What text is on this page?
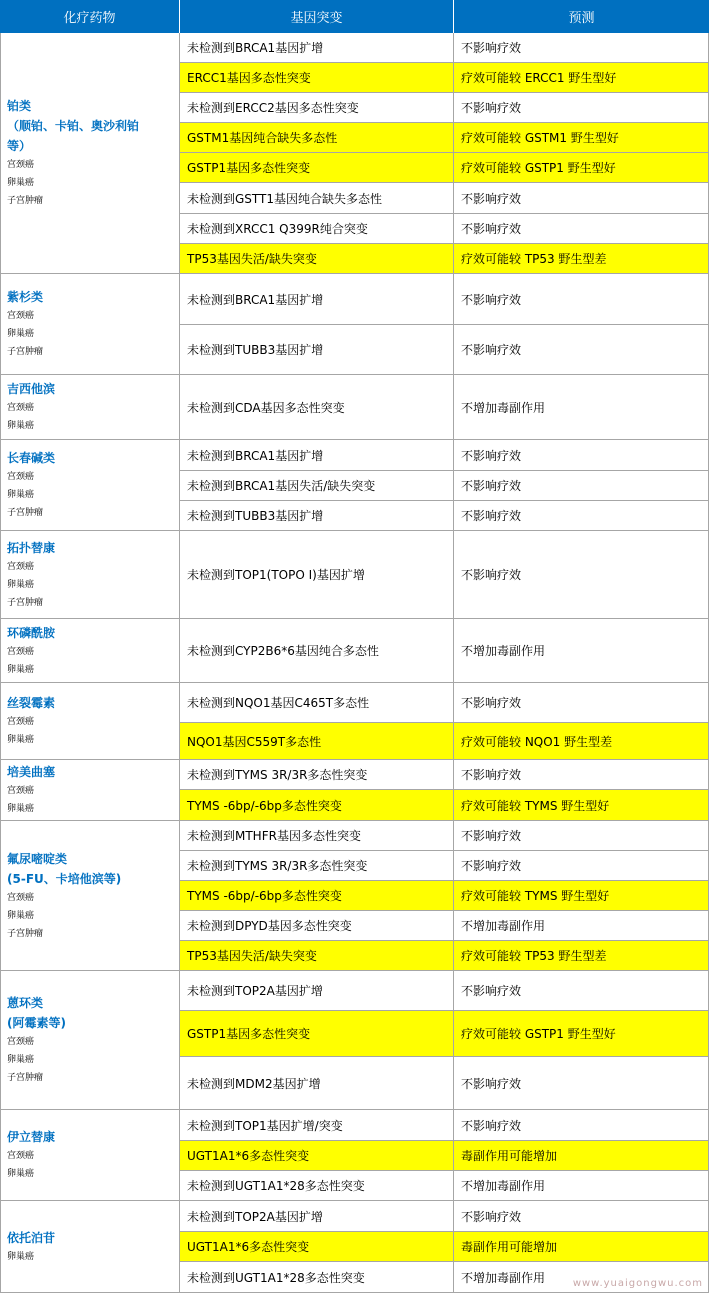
化疗药物	基因突变	预测
铂类
（顺铂、卡铂、奥沙利铂
等）
宫颈癌
卵巢癌
子宫肿瘤
未检测到BRCA1基因扩增	不影响疗效
ERCC1基因多态性突变	疗效可能较 ERCC1 野生型好
未检测到ERCC2基因多态性突变	不影响疗效
GSTM1基因纯合缺失多态性	疗效可能较 GSTM1 野生型好
GSTP1基因多态性突变	疗效可能较 GSTP1 野生型好
未检测到GSTT1基因纯合缺失多态性	不影响疗效
未检测到XRCC1 Q399R纯合突变	不影响疗效
TP53基因失活/缺失突变	疗效可能较 TP53 野生型差
紫杉类
宫颈癌
卵巢癌
子宫肿瘤
未检测到BRCA1基因扩增	不影响疗效
未检测到TUBB3基因扩增	不影响疗效
吉西他滨
宫颈癌
卵巢癌
未检测到CDA基因多态性突变	不增加毒副作用
长春碱类
宫颈癌
卵巢癌
子宫肿瘤
未检测到BRCA1基因扩增	不影响疗效
未检测到BRCA1基因失活/缺失突变	不影响疗效
未检测到TUBB3基因扩增	不影响疗效
拓扑替康
宫颈癌
卵巢癌
子宫肿瘤
未检测到TOP1(TOPO I)基因扩增	不影响疗效
环磷酰胺
宫颈癌
卵巢癌
未检测到CYP2B6*6基因纯合多态性	不增加毒副作用
丝裂霉素
宫颈癌
卵巢癌
未检测到NQO1基因C465T多态性	不影响疗效
NQO1基因C559T多态性	疗效可能较 NQO1 野生型差
培美曲塞
宫颈癌
卵巢癌
未检测到TYMS 3R/3R多态性突变	不影响疗效
TYMS -6bp/-6bp多态性突变	疗效可能较 TYMS 野生型好
氟尿嘧啶类
(5-FU、卡培他滨等)
宫颈癌
卵巢癌
子宫肿瘤
未检测到MTHFR基因多态性突变	不影响疗效
未检测到TYMS 3R/3R多态性突变	不影响疗效
TYMS -6bp/-6bp多态性突变	疗效可能较 TYMS 野生型好
未检测到DPYD基因多态性突变	不增加毒副作用
TP53基因失活/缺失突变	疗效可能较 TP53 野生型差
蒽环类
(阿霉素等)
宫颈癌
卵巢癌
子宫肿瘤
未检测到TOP2A基因扩增	不影响疗效
GSTP1基因多态性突变	疗效可能较 GSTP1 野生型好
未检测到MDM2基因扩增	不影响疗效
伊立替康
宫颈癌
卵巢癌
未检测到TOP1基因扩增/突变	不影响疗效
UGT1A1*6多态性突变	毒副作用可能增加
未检测到UGT1A1*28多态性突变	不增加毒副作用
依托泊苷
卵巢癌
未检测到TOP2A基因扩增	不影响疗效
UGT1A1*6多态性突变	毒副作用可能增加
未检测到UGT1A1*28多态性突变	不增加毒副作用	www.yuaigongwu.com
